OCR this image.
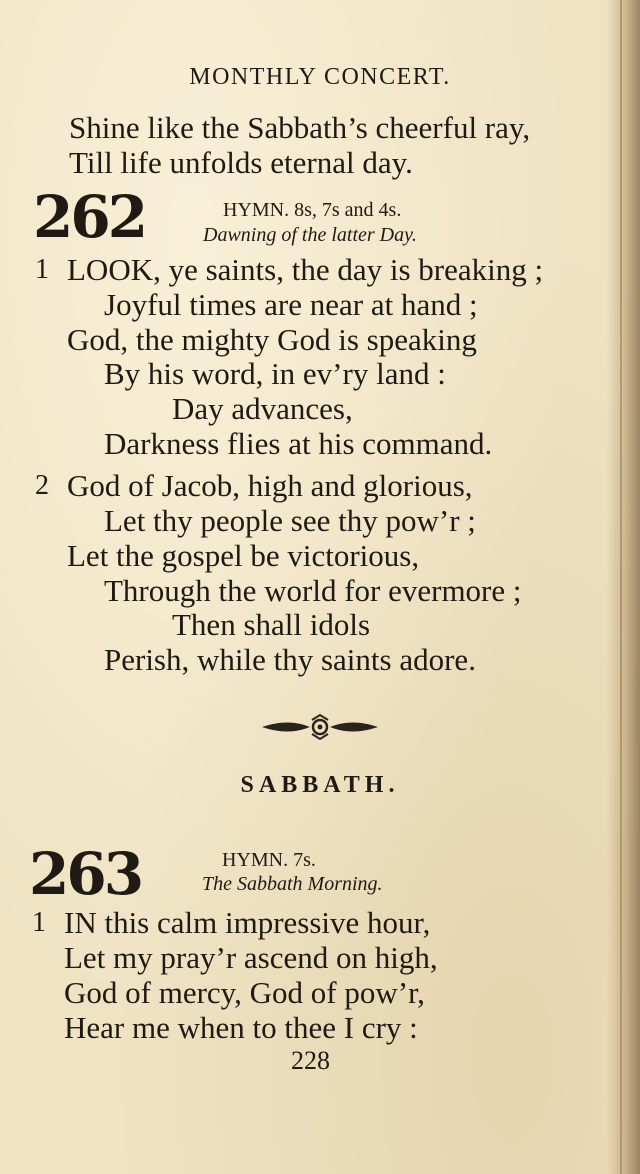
MONTHLY CONCERT.
Shine like the Sabbath’s cheerful ray,
Till life unfolds eternal day.
262	HYMN. 8s, 7s and 4s.
Dawning of the latter Day.
1 LOOK, ye saints, the day is breaking ;
Joyful times are near at hand ;
God, the mighty God is speaking
By his word, in ev’ry land :
Day advances,
Darkness flies at his command.
2 God of Jacob, high and glorious,
Let thy people see thy pow’r ;
Let the gospel be victorious,
Through the world for evermore ;
Then shall idols
Perish, while thy saints adore.
SABBATH.
263	HYMN. 7s.
The Sabbath Morning.
1 IN this calm impressive hour,
Let my pray’r ascend on high,
God of mercy, God of pow’r,
Hear me when to thee I cry :
228
